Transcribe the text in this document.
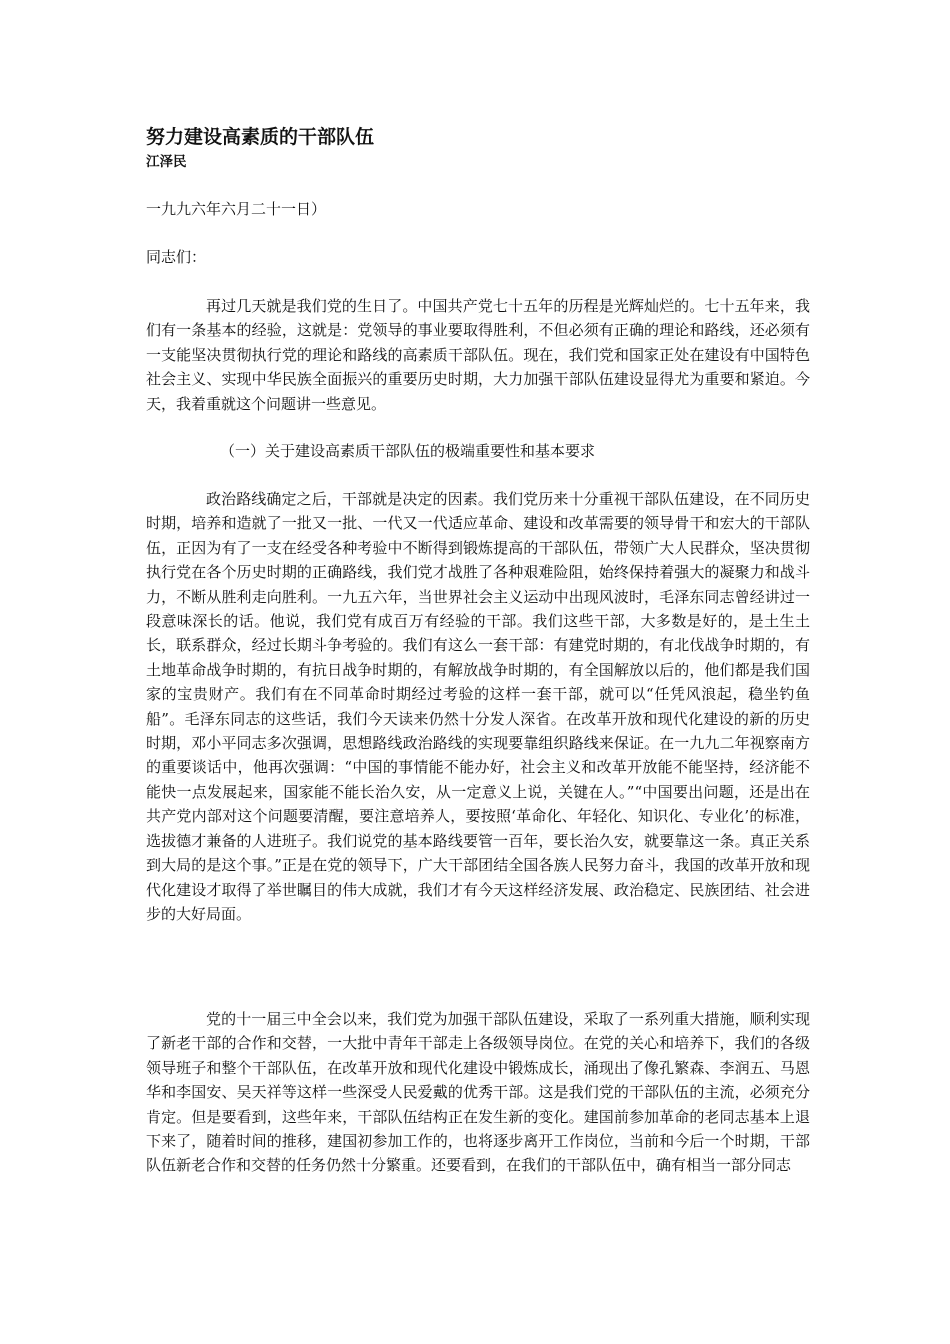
努力建设高素质的干部队伍
江泽民
一九九六年六月二十一日）
同志们：

再过几天就是我们党的生日了。中国共产党七十五年的历程是光辉灿烂的。七十五年来，我们有一条基本的经验，这就是：党领导的事业要取得胜利，不但必须有正确的理论和路线，还必须有一支能坚决贯彻执行党的理论和路线的高素质干部队伍。现在，我们党和国家正处在建设有中国特色社会主义、实现中华民族全面振兴的重要历史时期，大力加强干部队伍建设显得尤为重要和紧迫。今天，我着重就这个问题讲一些意见。

（一）关于建设高素质干部队伍的极端重要性和基本要求

政治路线确定之后，干部就是决定的因素。我们党历来十分重视干部队伍建设，在不同历史时期，培养和造就了一批又一批、一代又一代适应革命、建设和改革需要的领导骨干和宏大的干部队伍，正因为有了一支在经受各种考验中不断得到锻炼提高的干部队伍，带领广大人民群众，坚决贯彻执行党在各个历史时期的正确路线，我们党才战胜了各种艰难险阻，始终保持着强大的凝聚力和战斗力，不断从胜利走向胜利。一九五六年，当世界社会主义运动中出现风波时，毛泽东同志曾经讲过一段意味深长的话。他说，我们党有成百万有经验的干部。我们这些干部，大多数是好的，是土生土长，联系群众，经过长期斗争考验的。我们有这么一套干部：有建党时期的，有北伐战争时期的，有土地革命战争时期的，有抗日战争时期的，有解放战争时期的，有全国解放以后的，他们都是我们国家的宝贵财产。我们有在不同革命时期经过考验的这样一套干部，就可以“任凭风浪起，稳坐钓鱼船”。毛泽东同志的这些话，我们今天读来仍然十分发人深省。在改革开放和现代化建设的新的历史时期，邓小平同志多次强调，思想路线政治路线的实现要靠组织路线来保证。在一九九二年视察南方的重要谈话中，他再次强调：“中国的事情能不能办好，社会主义和改革开放能不能坚持，经济能不能快一点发展起来，国家能不能长治久安，从一定意义上说，关键在人。”“中国要出问题，还是出在共产党内部对这个问题要清醒，要注意培养人，要按照‘革命化、年轻化、知识化、专业化’的标准，选拔德才兼备的人进班子。我们说党的基本路线要管一百年，要长治久安，就要靠这一条。真正关系到大局的是这个事。”正是在党的领导下，广大干部团结全国各族人民努力奋斗，我国的改革开放和现代化建设才取得了举世瞩目的伟大成就，我们才有今天这样经济发展、政治稳定、民族团结、社会进步的大好局面。

党的十一届三中全会以来，我们党为加强干部队伍建设，采取了一系列重大措施，顺利实现了新老干部的合作和交替，一大批中青年干部走上各级领导岗位。在党的关心和培养下，我们的各级领导班子和整个干部队伍，在改革开放和现代化建设中锻炼成长，涌现出了像孔繁森、李润五、马恩华和李国安、吴天祥等这样一些深受人民爱戴的优秀干部。这是我们党的干部队伍的主流，必须充分肯定。但是要看到，这些年来，干部队伍结构正在发生新的变化。建国前参加革命的老同志基本上退下来了，随着时间的推移，建国初参加工作的，也将逐步离开工作岗位，当前和今后一个时期，干部队伍新老合作和交替的任务仍然十分繁重。还要看到，在我们的干部队伍中，确有相当一部分同志
